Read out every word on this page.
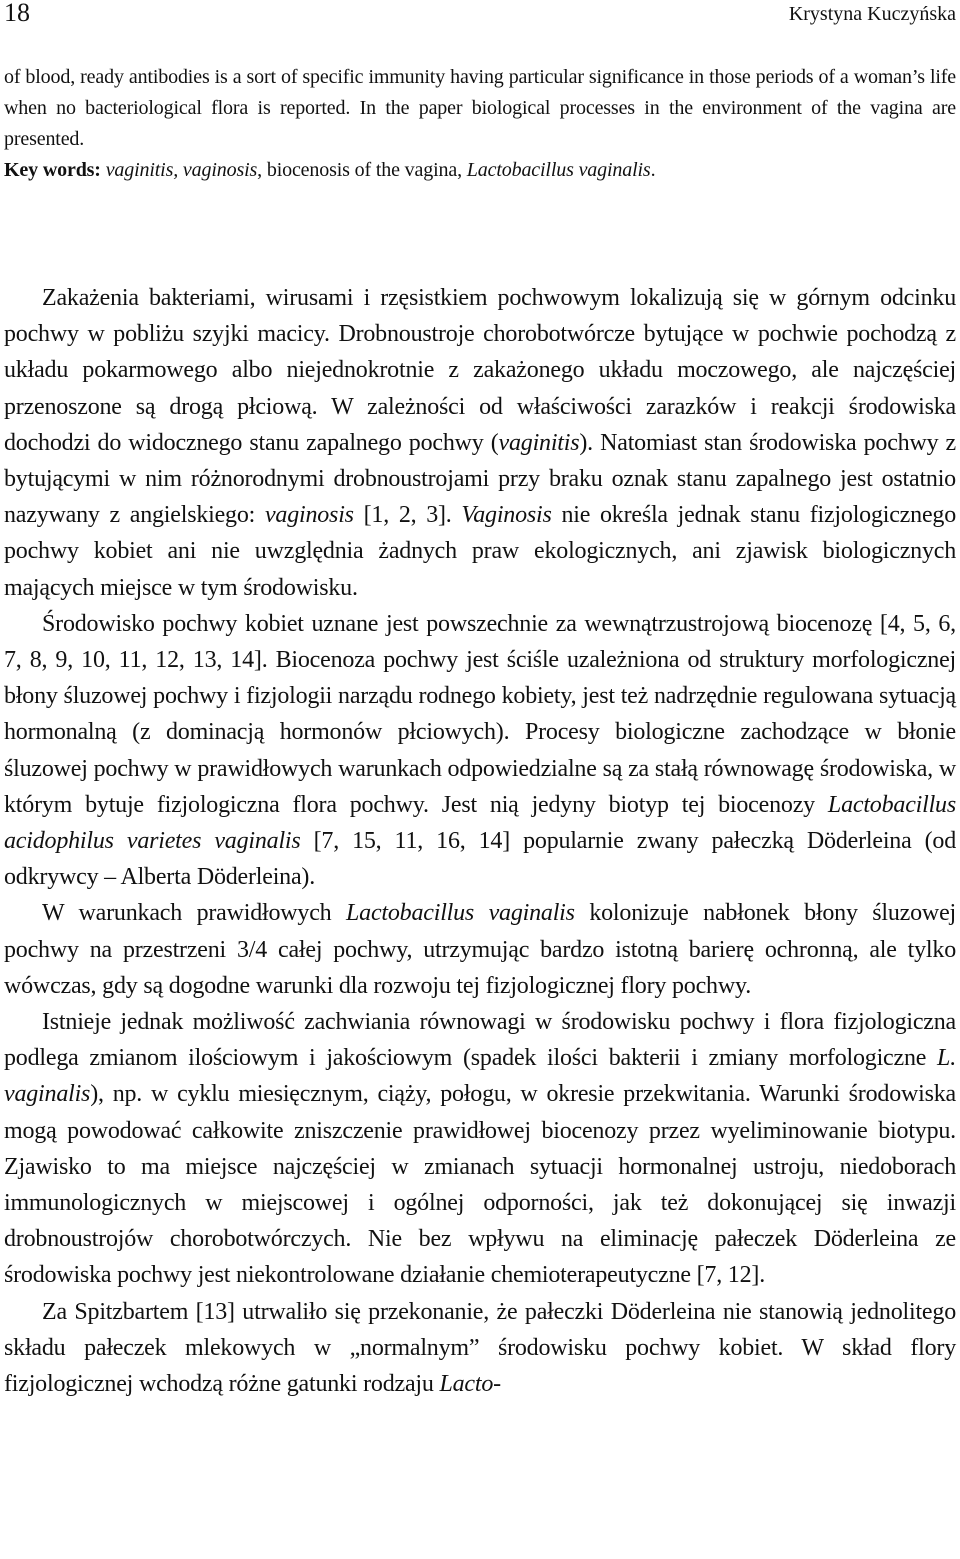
18	Krystyna Kuczyńska

of blood, ready antibodies is a sort of specific immunity having particular significance in those periods of a woman’s life when no bacteriological flora is reported. In the paper biological processes in the environment of the vagina are presented.

Key words: vaginitis, vaginosis, biocenosis of the vagina, Lactobacillus vaginalis.

Zakażenia bakteriami, wirusami i rzęsistkiem pochwowym lokalizują się w górnym odcinku pochwy w pobliżu szyjki macicy. Drobnoustroje chorobotwórcze bytujące w pochwie pochodzą z układu pokarmowego albo niejednokrotnie z zakażonego układu moczowego, ale najczęściej przenoszone są drogą płciową. W zależności od właściwości zarazków i reakcji środowiska dochodzi do widocznego stanu zapalnego pochwy (vaginitis). Natomiast stan środowiska pochwy z bytującymi w nim różnorodnymi drobnoustrojami przy braku oznak stanu zapalnego jest ostatnio nazywany z angielskiego: vaginosis [1, 2, 3]. Vaginosis nie określa jednak stanu fizjologicznego pochwy kobiet ani nie uwzględnia żadnych praw ekologicznych, ani zjawisk biologicznych mających miejsce w tym środowisku.

Środowisko pochwy kobiet uznane jest powszechnie za wewnątrzustrojową biocenozę [4, 5, 6, 7, 8, 9, 10, 11, 12, 13, 14]. Biocenoza pochwy jest ściśle uzależniona od struktury morfologicznej błony śluzowej pochwy i fizjologii narządu rodnego kobiety, jest też nadrzędnie regulowana sytuacją hormonalną (z dominacją hormonów płciowych). Procesy biologiczne zachodzące w błonie śluzowej pochwy w prawidłowych warunkach odpowiedzialne są za stałą równowagę środowiska, w którym bytuje fizjologiczna flora pochwy. Jest nią jedyny biotyp tej biocenozy Lactobacillus acidophilus varietes vaginalis [7, 15, 11, 16, 14] popularnie zwany pałeczką Döderleina (od odkrywcy – Alberta Döderleina).

W warunkach prawidłowych Lactobacillus vaginalis kolonizuje nabłonek błony śluzowej pochwy na przestrzeni 3/4 całej pochwy, utrzymując bardzo istotną barierę ochronną, ale tylko wówczas, gdy są dogodne warunki dla rozwoju tej fizjologicznej flory pochwy.

Istnieje jednak możliwość zachwiania równowagi w środowisku pochwy i flora fizjologiczna podlega zmianom ilościowym i jakościowym (spadek ilości bakterii i zmiany morfologiczne L. vaginalis), np. w cyklu miesięcznym, ciąży, połogu, w okresie przekwitania. Warunki środowiska mogą powodować całkowite zniszczenie prawidłowej biocenozy przez wyeliminowanie biotypu. Zjawisko to ma miejsce najczęściej w zmianach sytuacji hormonalnej ustroju, niedoborach immunologicznych w miejscowej i ogólnej odporności, jak też dokonującej się inwazji drobnoustrojów chorobotwórczych. Nie bez wpływu na eliminację pałeczek Döderleina ze środowiska pochwy jest niekontrolowane działanie chemioterapeutyczne [7, 12].

Za Spitzbartem [13] utrwaliło się przekonanie, że pałeczki Döderleina nie stanowią jednolitego składu pałeczek mlekowych w „normalnym” środowisku pochwy kobiet. W skład flory fizjologicznej wchodzą różne gatunki rodzaju Lacto-
